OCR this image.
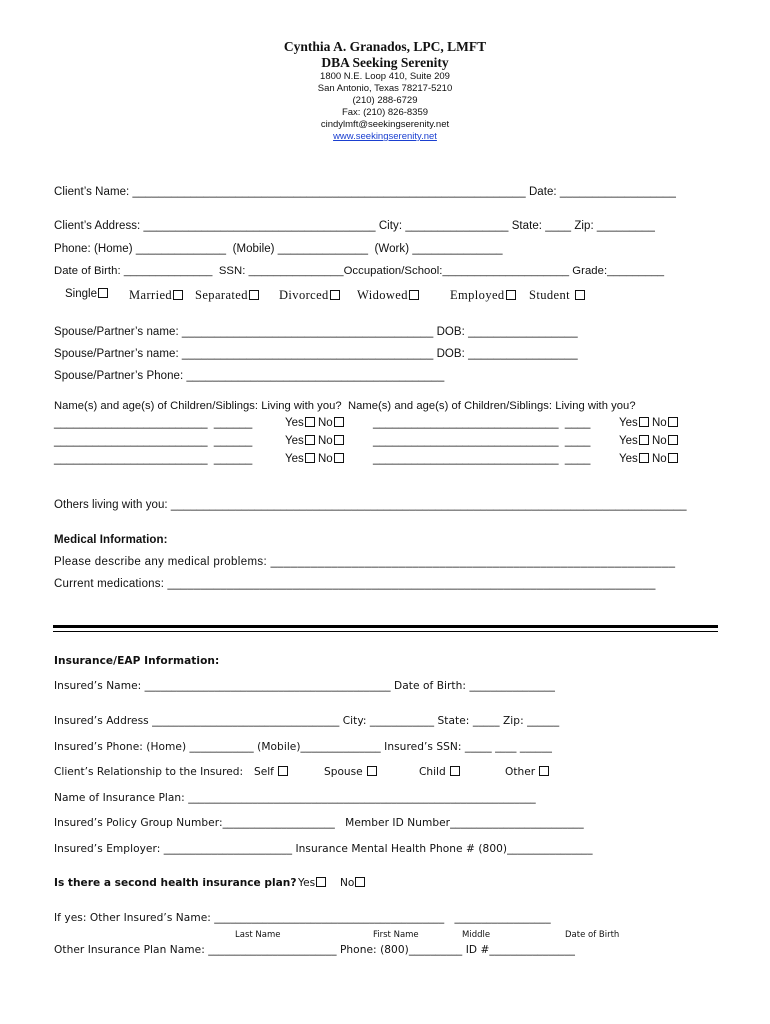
Cynthia A. Granados, LPC, LMFT
DBA Seeking Serenity
1800 N.E. Loop 410, Suite 209
San Antonio, Texas 78217-5210
(210) 288-6729
Fax: (210) 826-8359
cindylmft@seekingserenity.net
www.seekingserenity.net
Client’s Name: _____________________________________________________________ Date: __________________
Client’s Address: ____________________________________ City: ________________ State: ____ Zip: _________
Phone: (Home) ______________  (Mobile) ______________  (Work) ______________
Date of Birth: ______________  SSN: _______________Occupation/School:____________________ Grade:_________
Single	Married	Separated	Divorced	Widowed	Employed	Student
Spouse/Partner’s name: _______________________________________ DOB: _________________
Spouse/Partner’s name: _______________________________________ DOB: _________________
Spouse/Partner’s Phone: ________________________________________
Name(s) and age(s) of Children/Siblings: Living with you?  Name(s) and age(s) of Children/Siblings: Living with you?
________________________  ______	Yes No	_____________________________  ____ Yes No
________________________  ______	Yes No	_____________________________  ____ Yes No
________________________  ______	Yes No	_____________________________  ____ Yes No
Others living with you: ________________________________________________________________________________
Medical Information:
Please describe any medical problems: ____________________________________________________________
Current medications: __________________________________________________________________________
Insurance/EAP Information:
Insured’s Name: ______________________________________________ Date of Birth: ________________
Insured’s Address ___________________________________ City: ____________ State: _____ Zip: ______
Insured’s Phone: (Home) ____________ (Mobile)_______________ Insured’s SSN: _____ ____ ______
Client’s Relationship to the Insured: Self	Spouse	Child	Other
Name of Insurance Plan: _________________________________________________________________
Insured’s Policy Group Number:_____________________   Member ID Number_________________________
Insured’s Employer: ________________________ Insurance Mental Health Phone # (800)________________
Is there a second health insurance plan? Yes	No
If yes: Other Insured’s Name: ___________________________________________   __________________
Last Name	First Name	Middle	Date of Birth
Other Insurance Plan Name: ________________________ Phone: (800)__________ ID #________________
